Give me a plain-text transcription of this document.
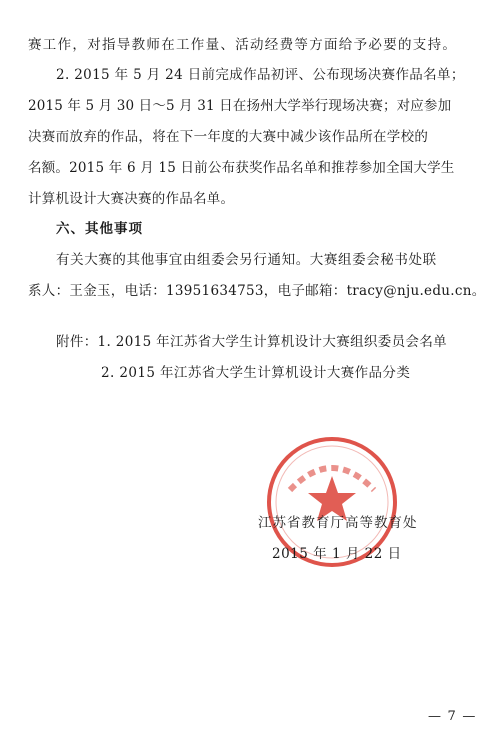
赛工作，对指导教师在工作量、活动经费等方面给予必要的支持。
2. 2015 年 5 月 24 日前完成作品初评、公布现场决赛作品名单；
2015 年 5 月 30 日～5 月 31 日在扬州大学举行现场决赛；对应参加
决赛而放弃的作品，将在下一年度的大赛中减少该作品所在学校的
名额。2015 年 6 月 15 日前公布获奖作品名单和推荐参加全国大学生
计算机设计大赛决赛的作品名单。
六、其他事项
有关大赛的其他事宜由组委会另行通知。大赛组委会秘书处联
系人：王金玉，电话：13951634753，电子邮箱：tracy@nju.edu.cn。
附件：1. 2015 年江苏省大学生计算机设计大赛组织委员会名单
2. 2015 年江苏省大学生计算机设计大赛作品分类
江苏省教育厅高等教育处
2015 年 1 月 22 日
— 7 —
